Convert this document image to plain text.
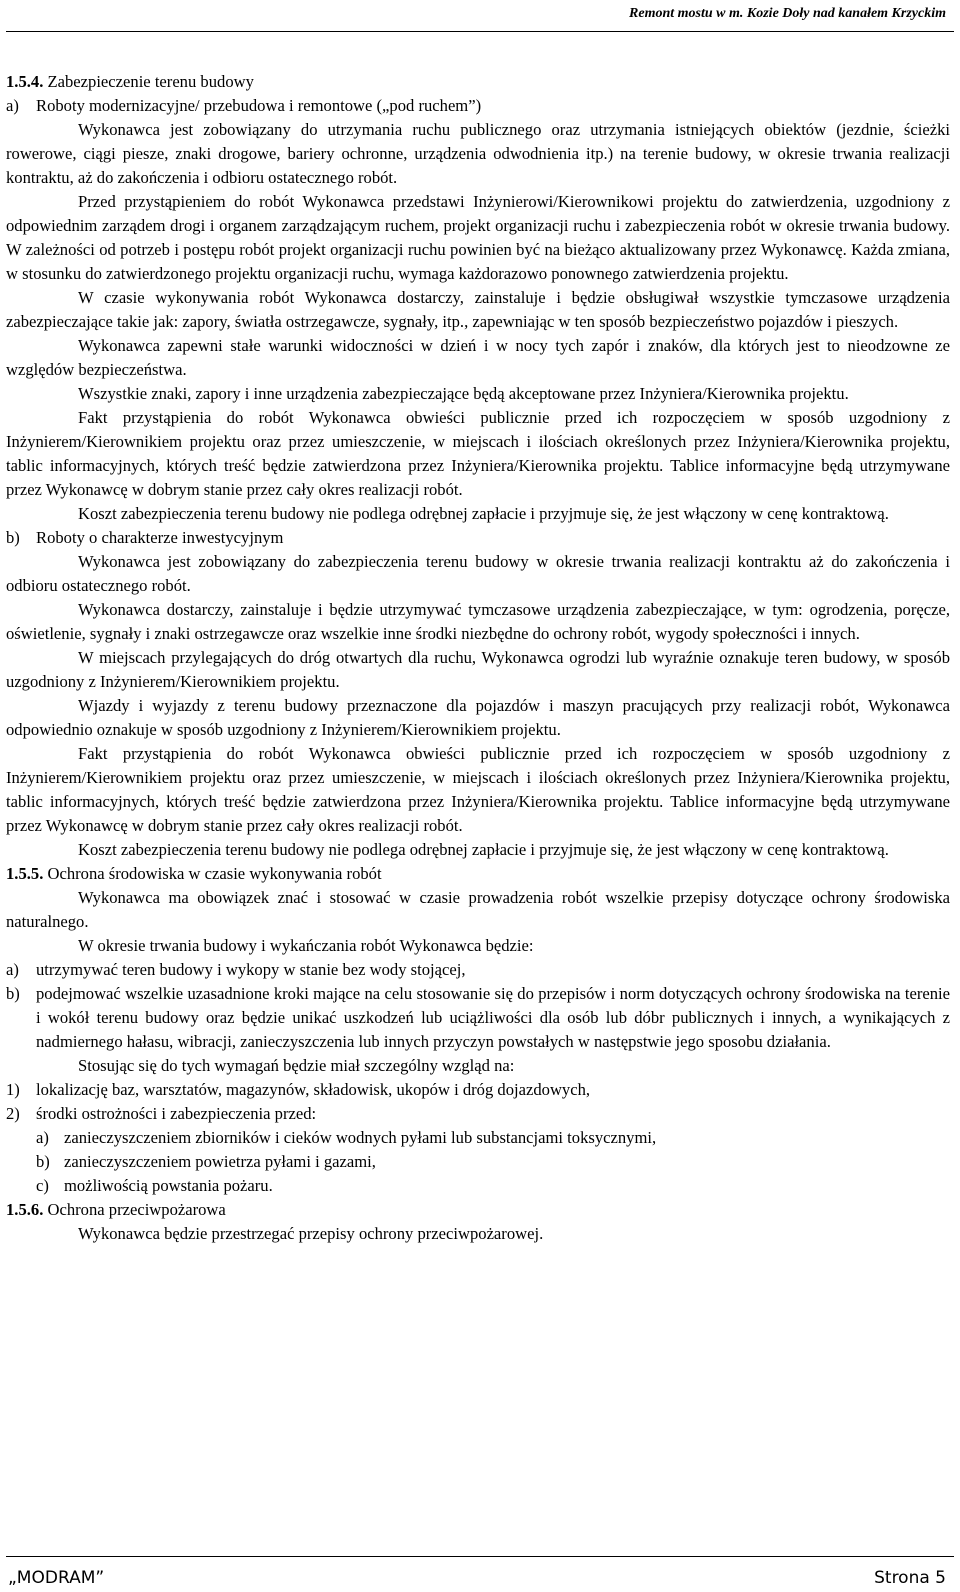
Remont mostu w m. Kozie Doły nad kanałem Krzyckim

1.5.4. Zabezpieczenie terenu budowy

a) Roboty modernizacyjne/ przebudowa i remontowe („pod ruchem”)

Wykonawca jest zobowiązany do utrzymania ruchu publicznego oraz utrzymania istniejących obiektów (jezdnie, ścieżki rowerowe, ciągi piesze, znaki drogowe, bariery ochronne, urządzenia odwodnienia itp.) na terenie budowy, w okresie trwania realizacji kontraktu, aż do zakończenia i odbioru ostatecznego robót.

Przed przystąpieniem do robót Wykonawca przedstawi Inżynierowi/Kierownikowi projektu do zatwierdzenia, uzgodniony z odpowiednim zarządem drogi i organem zarządzającym ruchem, projekt organizacji ruchu i zabezpieczenia robót w okresie trwania budowy. W zależności od potrzeb i postępu robót projekt organizacji ruchu powinien być na bieżąco aktualizowany przez Wykonawcę. Każda zmiana, w stosunku do zatwierdzonego projektu organizacji ruchu, wymaga każdorazowo ponownego zatwierdzenia projektu.

W czasie wykonywania robót Wykonawca dostarczy, zainstaluje i będzie obsługiwał wszystkie tymczasowe urządzenia zabezpieczające takie jak: zapory, światła ostrzegawcze, sygnały, itp., zapewniając w ten sposób bezpieczeństwo pojazdów i pieszych.

Wykonawca zapewni stałe warunki widoczności w dzień i w nocy tych zapór i znaków, dla których jest to nieodzowne ze względów bezpieczeństwa.

Wszystkie znaki, zapory i inne urządzenia zabezpieczające będą akceptowane przez Inżyniera/Kierownika projektu.

Fakt przystąpienia do robót Wykonawca obwieści publicznie przed ich rozpoczęciem w sposób uzgodniony z Inżynierem/Kierownikiem projektu oraz przez umieszczenie, w miejscach i ilościach określonych przez Inżyniera/Kierownika projektu, tablic informacyjnych, których treść będzie zatwierdzona przez Inżyniera/Kierownika projektu. Tablice informacyjne będą utrzymywane przez Wykonawcę w dobrym stanie przez cały okres realizacji robót.

Koszt zabezpieczenia terenu budowy nie podlega odrębnej zapłacie i przyjmuje się, że jest włączony w cenę kontraktową.

b) Roboty o charakterze inwestycyjnym

Wykonawca jest zobowiązany do zabezpieczenia terenu budowy w okresie trwania realizacji kontraktu aż do zakończenia i odbioru ostatecznego robót.

Wykonawca dostarczy, zainstaluje i będzie utrzymywać tymczasowe urządzenia zabezpieczające, w tym: ogrodzenia, poręcze, oświetlenie, sygnały i znaki ostrzegawcze oraz wszelkie inne środki niezbędne do ochrony robót, wygody społeczności i innych.

W miejscach przylegających do dróg otwartych dla ruchu, Wykonawca ogrodzi lub wyraźnie oznakuje teren budowy, w sposób uzgodniony z Inżynierem/Kierownikiem projektu.

Wjazdy i wyjazdy z terenu budowy przeznaczone dla pojazdów i maszyn pracujących przy realizacji robót, Wykonawca odpowiednio oznakuje w sposób uzgodniony z Inżynierem/Kierownikiem projektu.

Fakt przystąpienia do robót Wykonawca obwieści publicznie przed ich rozpoczęciem w sposób uzgodniony z Inżynierem/Kierownikiem projektu oraz przez umieszczenie, w miejscach i ilościach określonych przez Inżyniera/Kierownika projektu, tablic informacyjnych, których treść będzie zatwierdzona przez Inżyniera/Kierownika projektu. Tablice informacyjne będą utrzymywane przez Wykonawcę w dobrym stanie przez cały okres realizacji robót.

Koszt zabezpieczenia terenu budowy nie podlega odrębnej zapłacie i przyjmuje się, że jest włączony w cenę kontraktową.

1.5.5. Ochrona środowiska w czasie wykonywania robót

Wykonawca ma obowiązek znać i stosować w czasie prowadzenia robót wszelkie przepisy dotyczące ochrony środowiska naturalnego.

W okresie trwania budowy i wykańczania robót Wykonawca będzie:

a) utrzymywać teren budowy i wykopy w stanie bez wody stojącej,

b) podejmować wszelkie uzasadnione kroki mające na celu stosowanie się do przepisów i norm dotyczących ochrony środowiska na terenie i wokół terenu budowy oraz będzie unikać uszkodzeń lub uciążliwości dla osób lub dóbr publicznych i innych, a wynikających z nadmiernego hałasu, wibracji, zanieczyszczenia lub innych przyczyn powstałych w następstwie jego sposobu działania.

Stosując się do tych wymagań będzie miał szczególny wzgląd na:

1) lokalizację baz, warsztatów, magazynów, składowisk, ukopów i dróg dojazdowych,

2) środki ostrożności i zabezpieczenia przed:

a) zanieczyszczeniem zbiorników i cieków wodnych pyłami lub substancjami toksycznymi,

b) zanieczyszczeniem powietrza pyłami i gazami,

c) możliwością powstania pożaru.

1.5.6. Ochrona przeciwpożarowa

Wykonawca będzie przestrzegać przepisy ochrony przeciwpożarowej.

„MODRAM”	Strona 5
